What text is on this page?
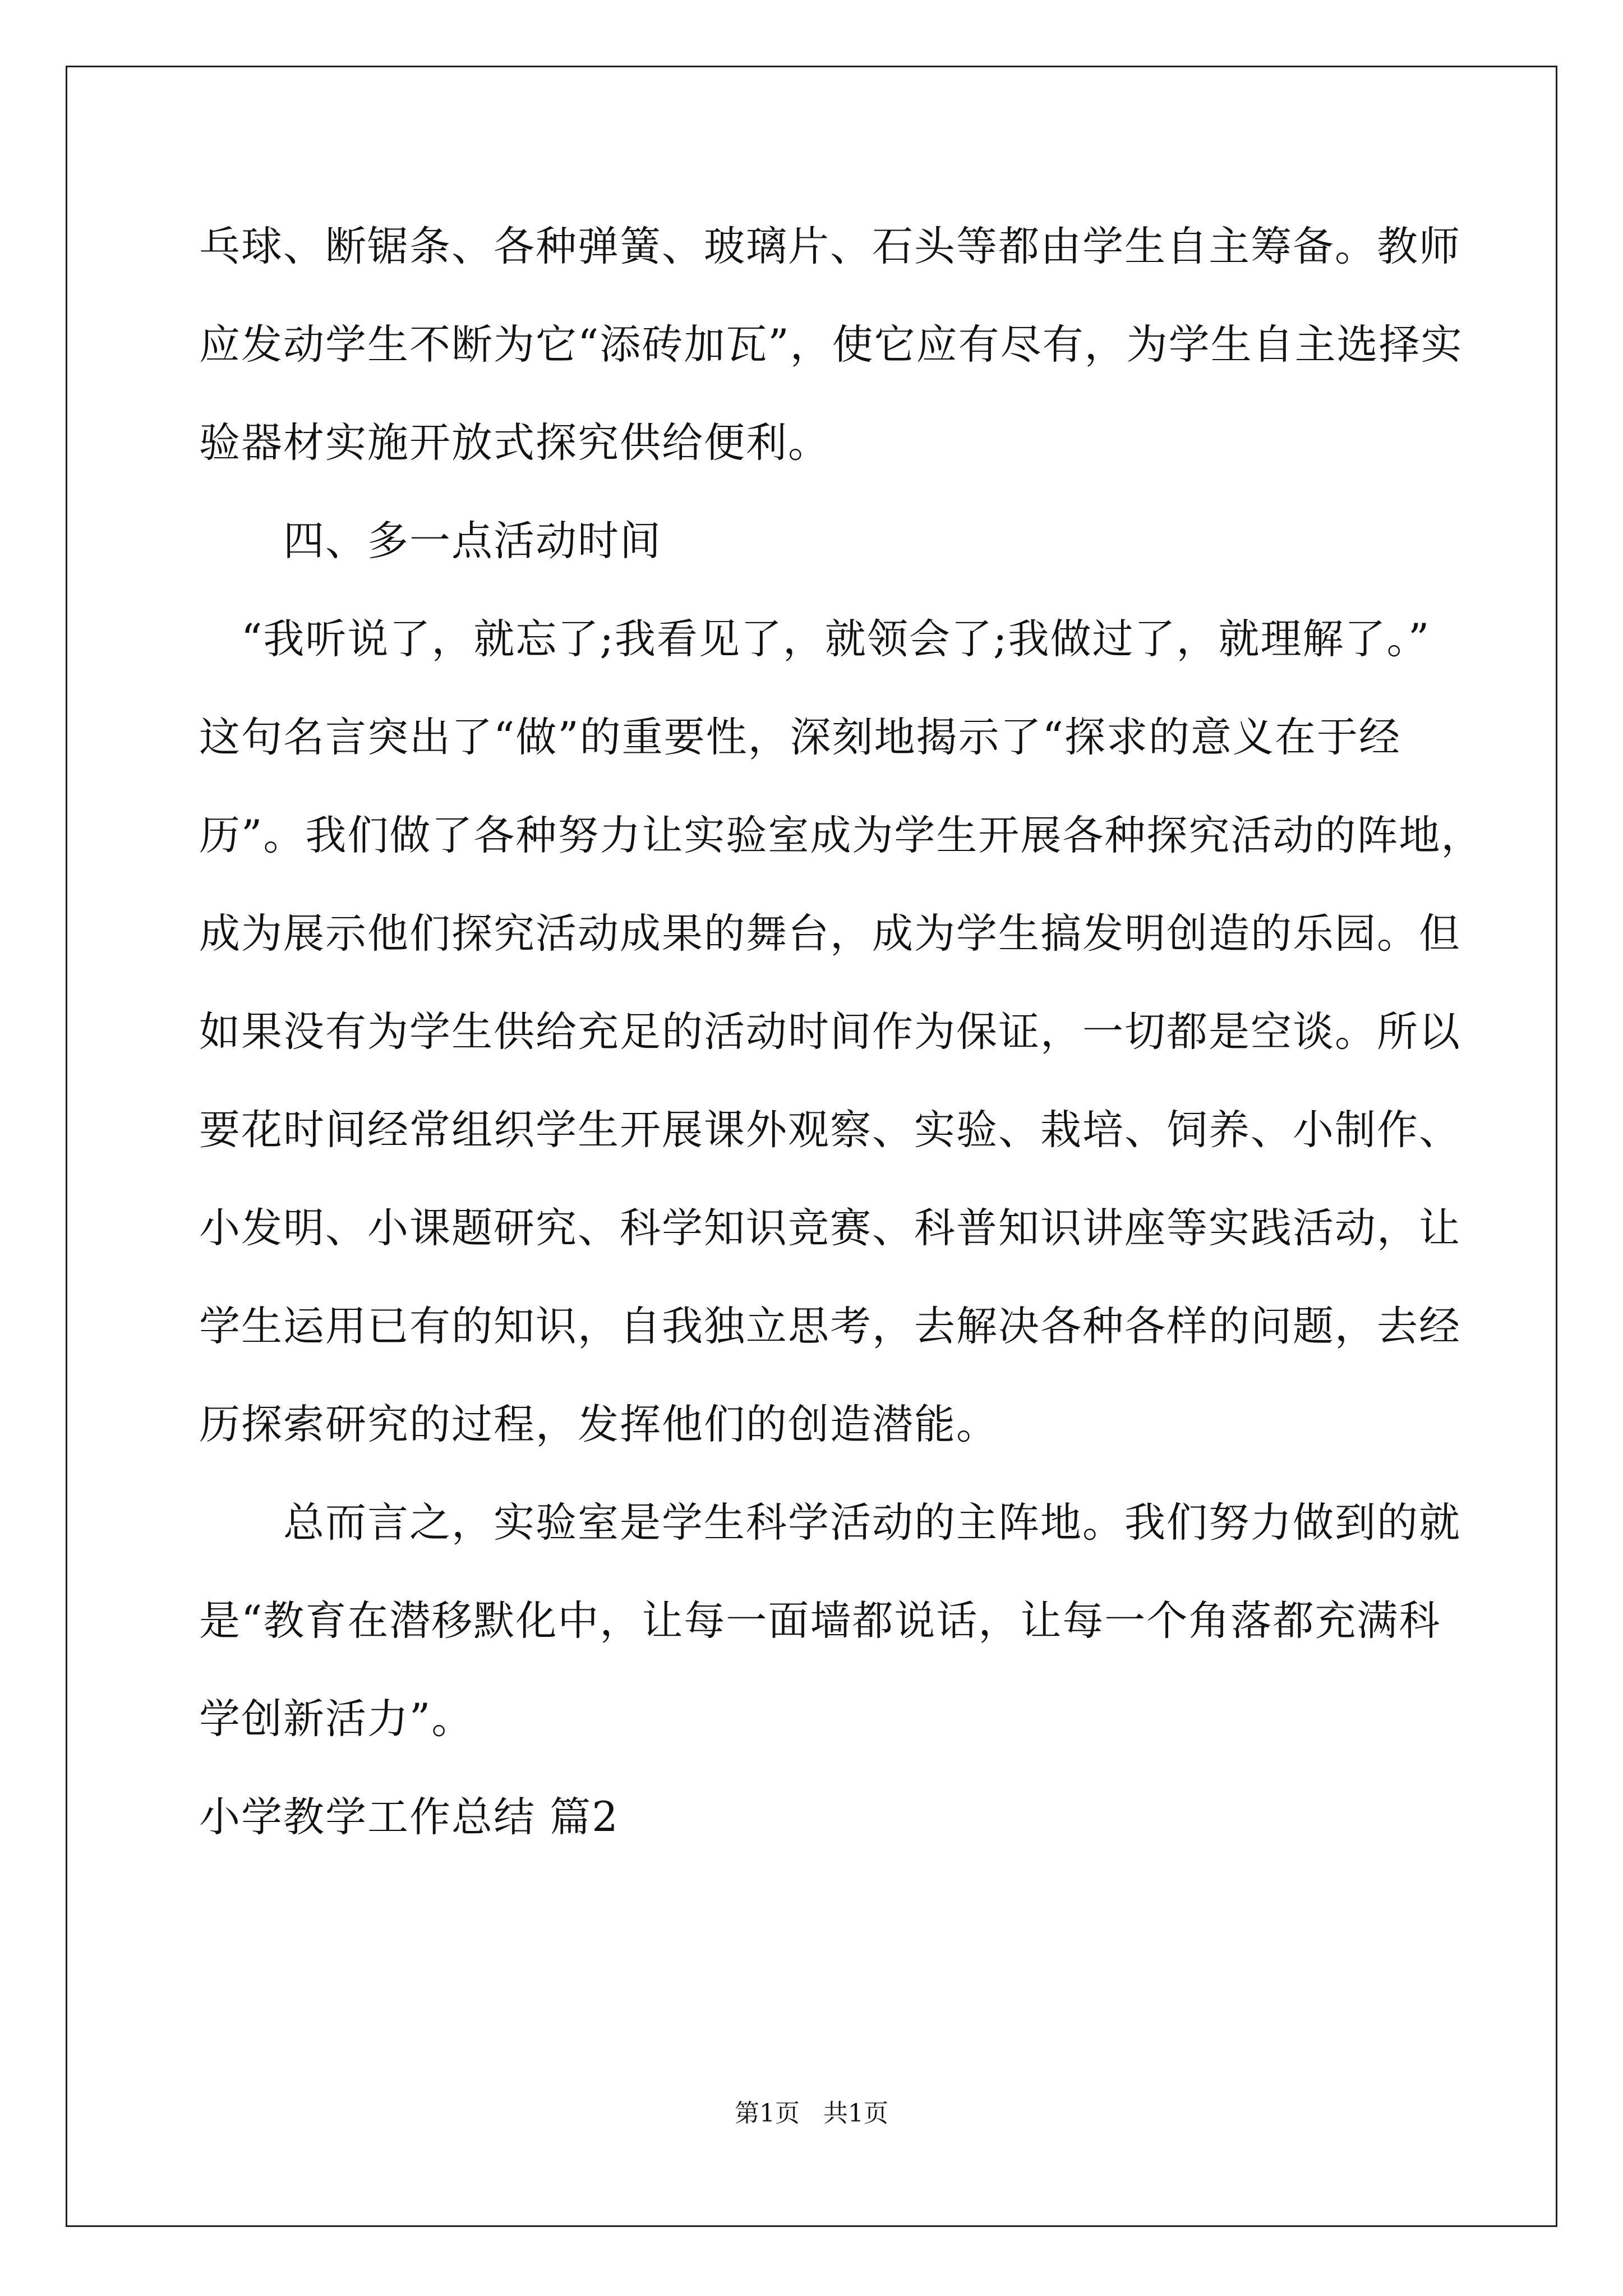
乓球、断锯条、各种弹簧、玻璃片、石头等都由学生自主筹备。教师
应发动学生不断为它“添砖加瓦”，使它应有尽有，为学生自主选择实
验器材实施开放式探究供给便利。
　　四、多一点活动时间
　“我听说了，就忘了;我看见了，就领会了;我做过了，就理解了。”
这句名言突出了“做”的重要性，深刻地揭示了“探求的意义在于经
历”。我们做了各种努力让实验室成为学生开展各种探究活动的阵地，
成为展示他们探究活动成果的舞台，成为学生搞发明创造的乐园。但
如果没有为学生供给充足的活动时间作为保证，一切都是空谈。所以
要花时间经常组织学生开展课外观察、实验、栽培、饲养、小制作、
小发明、小课题研究、科学知识竞赛、科普知识讲座等实践活动，让
学生运用已有的知识，自我独立思考，去解决各种各样的问题，去经
历探索研究的过程，发挥他们的创造潜能。
　　总而言之，实验室是学生科学活动的主阵地。我们努力做到的就
是“教育在潜移默化中，让每一面墙都说话，让每一个角落都充满科
学创新活力”。
小学教学工作总结 篇2
第1页   共1页
